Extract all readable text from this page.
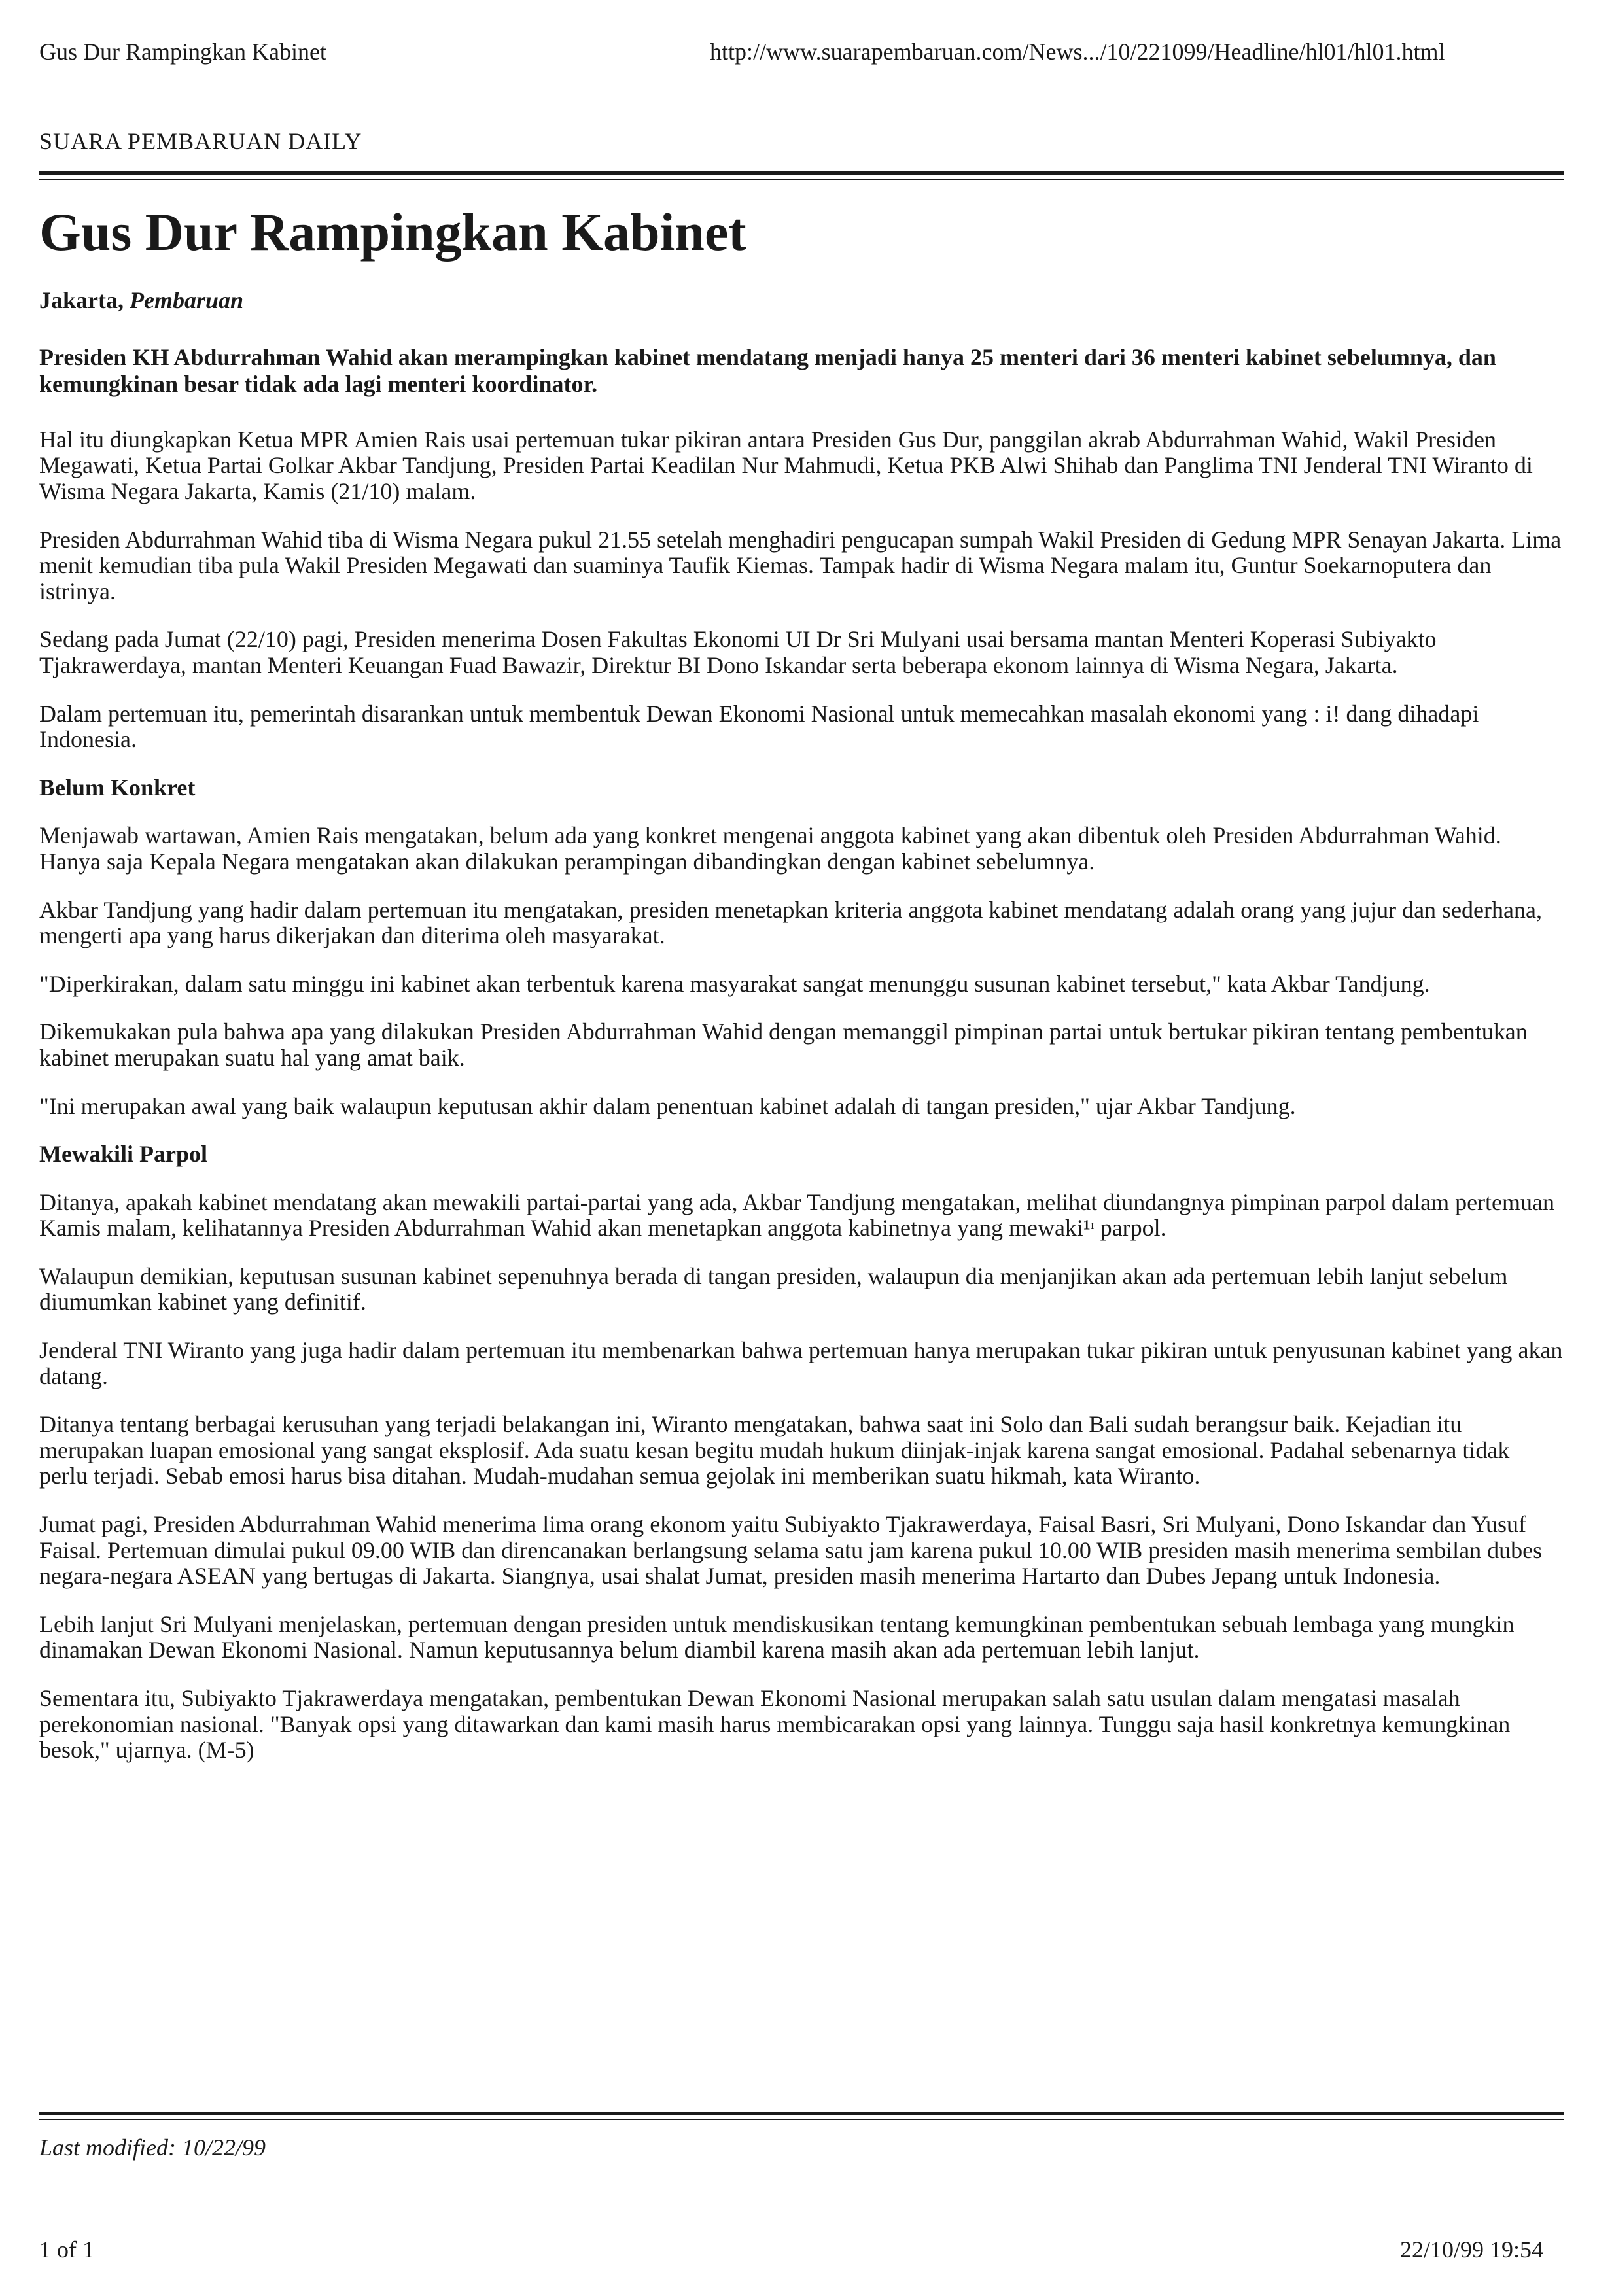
Gus Dur Rampingkan Kabinet	http://www.suarapembaruan.com/News.../10/221099/Headline/hl01/hl01.html
SUARA PEMBARUAN DAILY
Gus Dur Rampingkan Kabinet
Jakarta, Pembaruan
Presiden KH Abdurrahman Wahid akan merampingkan kabinet mendatang menjadi hanya 25 menteri dari 36 menteri kabinet sebelumnya, dan kemungkinan besar tidak ada lagi menteri koordinator.

Hal itu diungkapkan Ketua MPR Amien Rais usai pertemuan tukar pikiran antara Presiden Gus Dur, panggilan akrab Abdurrahman Wahid, Wakil Presiden Megawati, Ketua Partai Golkar Akbar Tandjung, Presiden Partai Keadilan Nur Mahmudi, Ketua PKB Alwi Shihab dan Panglima TNI Jenderal TNI Wiranto di Wisma Negara Jakarta, Kamis (21/10) malam.

Presiden Abdurrahman Wahid tiba di Wisma Negara pukul 21.55 setelah menghadiri pengucapan sumpah Wakil Presiden di Gedung MPR Senayan Jakarta. Lima menit kemudian tiba pula Wakil Presiden Megawati dan suaminya Taufik Kiemas. Tampak hadir di Wisma Negara malam itu, Guntur Soekarnoputera dan istrinya.

Sedang pada Jumat (22/10) pagi, Presiden menerima Dosen Fakultas Ekonomi UI Dr Sri Mulyani usai bersama mantan Menteri Koperasi Subiyakto Tjakrawerdaya, mantan Menteri Keuangan Fuad Bawazir, Direktur BI Dono Iskandar serta beberapa ekonom lainnya di Wisma Negara, Jakarta.

Dalam pertemuan itu, pemerintah disarankan untuk membentuk Dewan Ekonomi Nasional untuk memecahkan masalah ekonomi yang : i! dang dihadapi Indonesia.

Belum Konkret

Menjawab wartawan, Amien Rais mengatakan, belum ada yang konkret mengenai anggota kabinet yang akan dibentuk oleh Presiden Abdurrahman Wahid. Hanya saja Kepala Negara mengatakan akan dilakukan perampingan dibandingkan dengan kabinet sebelumnya.

Akbar Tandjung yang hadir dalam pertemuan itu mengatakan, presiden menetapkan kriteria anggota kabinet mendatang adalah orang yang jujur dan sederhana, mengerti apa yang harus dikerjakan dan diterima oleh masyarakat.

"Diperkirakan, dalam satu minggu ini kabinet akan terbentuk karena masyarakat sangat menunggu susunan kabinet tersebut," kata Akbar Tandjung.

Dikemukakan pula bahwa apa yang dilakukan Presiden Abdurrahman Wahid dengan memanggil pimpinan partai untuk bertukar pikiran tentang pembentukan kabinet merupakan suatu hal yang amat baik.

"Ini merupakan awal yang baik walaupun keputusan akhir dalam penentuan kabinet adalah di tangan presiden," ujar Akbar Tandjung.

Mewakili Parpol

Ditanya, apakah kabinet mendatang akan mewakili partai-partai yang ada, Akbar Tandjung mengatakan, melihat diundangnya pimpinan parpol dalam pertemuan Kamis malam, kelihatannya Presiden Abdurrahman Wahid akan menetapkan anggota kabinetnya yang mewaki¹ᶦ parpol.

Walaupun demikian, keputusan susunan kabinet sepenuhnya berada di tangan presiden, walaupun dia menjanjikan akan ada pertemuan lebih lanjut sebelum diumumkan kabinet yang definitif.

Jenderal TNI Wiranto yang juga hadir dalam pertemuan itu membenarkan bahwa pertemuan hanya merupakan tukar pikiran untuk penyusunan kabinet yang akan datang.

Ditanya tentang berbagai kerusuhan yang terjadi belakangan ini, Wiranto mengatakan, bahwa saat ini Solo dan Bali sudah berangsur baik. Kejadian itu merupakan luapan emosional yang sangat eksplosif. Ada suatu kesan begitu mudah hukum diinjak-injak karena sangat emosional. Padahal sebenarnya tidak perlu terjadi. Sebab emosi harus bisa ditahan. Mudah-mudahan semua gejolak ini memberikan suatu hikmah, kata Wiranto.

Jumat pagi, Presiden Abdurrahman Wahid menerima lima orang ekonom yaitu Subiyakto Tjakrawerdaya, Faisal Basri, Sri Mulyani, Dono Iskandar dan Yusuf Faisal. Pertemuan dimulai pukul 09.00 WIB dan direncanakan berlangsung selama satu jam karena pukul 10.00 WIB presiden masih menerima sembilan dubes negara-negara ASEAN yang bertugas di Jakarta. Siangnya, usai shalat Jumat, presiden masih menerima Hartarto dan Dubes Jepang untuk Indonesia.

Lebih lanjut Sri Mulyani menjelaskan, pertemuan dengan presiden untuk mendiskusikan tentang kemungkinan pembentukan sebuah lembaga yang mungkin dinamakan Dewan Ekonomi Nasional. Namun keputusannya belum diambil karena masih akan ada pertemuan lebih lanjut.

Sementara itu, Subiyakto Tjakrawerdaya mengatakan, pembentukan Dewan Ekonomi Nasional merupakan salah satu usulan dalam mengatasi masalah perekonomian nasional. "Banyak opsi yang ditawarkan dan kami masih harus membicarakan opsi yang lainnya. Tunggu saja hasil konkretnya kemungkinan besok," ujarnya. (M-5)

Last modified: 10/22/99
1 of 1	22/10/99 19:54
